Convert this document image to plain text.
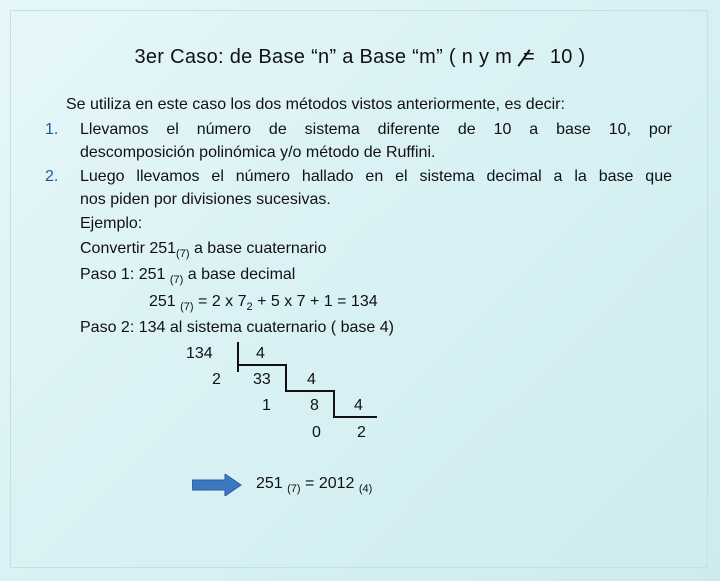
3er Caso: de Base “n” a Base “m” ( n y m = 10 )
Se utiliza en este caso los dos métodos vistos anteriormente, es decir:
1. Llevamos el número de sistema diferente de 10 a base 10, por
descomposición polinómica y/o método de Ruffini.
2. Luego llevamos el número hallado en el sistema decimal a la base que
nos piden por divisiones sucesivas.
Ejemplo:
Convertir $251_{(7)}$ a base cuaternario
Paso 1: 251 $_{(7)}$ a base decimal
251 $_{(7)}$ = 2 x $7_2 + 5$ x 7 + 1 = 134
Paso 2: 134 al sistema cuaternario ( base 4)
134	4
2 33 4
1 8 4
0 2
251 $_{(7)}$ = 2012 $_{(4)}$
